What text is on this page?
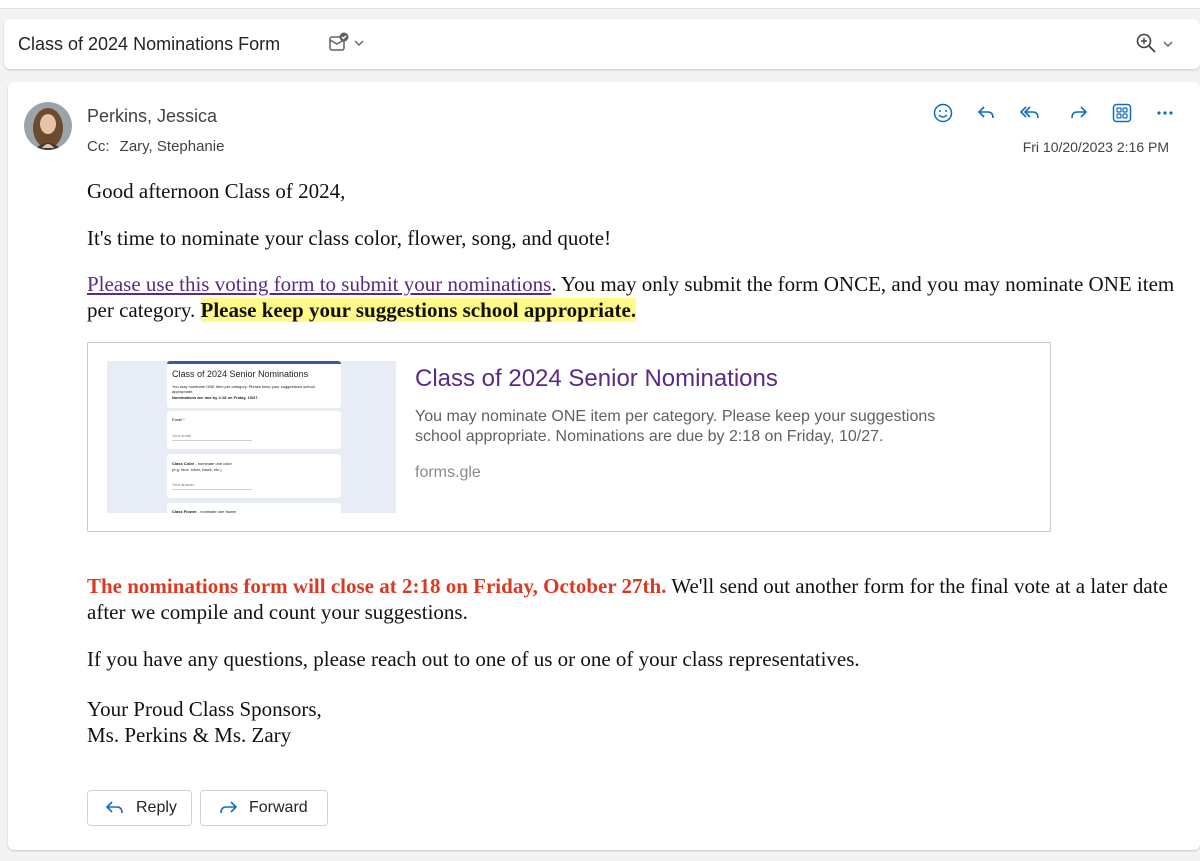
Class of 2024 Nominations Form
Perkins, Jessica
Cc: Zary, Stephanie	Fri 10/20/2023 2:16 PM

Good afternoon Class of 2024,

It's time to nominate your class color, flower, song, and quote!

Please use this voting form to submit your nominations. You may only submit the form ONCE, and you may nominate ONE item per category. Please keep your suggestions school appropriate.

The nominations form will close at 2:18 on Friday, October 27th. We'll send out another form for the final vote at a later date after we compile and count your suggestions.

If you have any questions, please reach out to one of us or one of your class representatives.

Your Proud Class Sponsors,

Ms. Perkins & Ms. Zary

Class of 2024 Senior Nominations
You may nominate ONE item per category. Please keep your suggestions school appropriate.
Nominations are due by 2:18 on Friday, 10/27.
Email *
Your email
Class Color - nominate one color
(e.g. blue, silver, black, etc.)
Your answer
Class Flower - nominate one flower
Class of 2024 Senior Nominations
You may nominate ONE item per category. Please keep your suggestions school appropriate. Nominations are due by 2:18 on Friday, 10/27.
forms.gle
Reply	Forward
